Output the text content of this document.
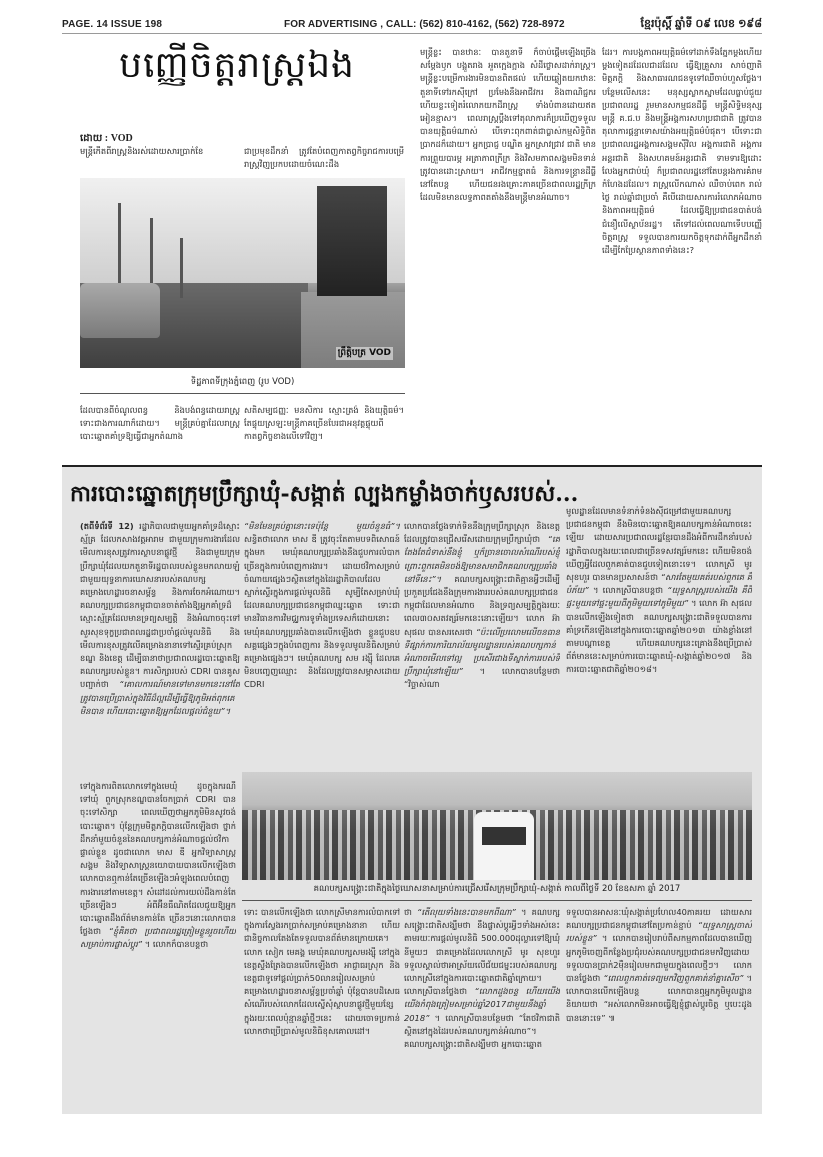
PAGE. 14 ISSUE 198	FOR ADVERTISING , CALL: (562) 810-4162, (562) 728-8972	ខ្មែរប៉ុស្តិ៍ ឆ្នាំទី ០៩ លេខ ១៩៨
បញ្ញើចិត្តរាស្ត្រឯង
ដោយ : VOD
មន្ត្រីកើតពីរាស្ត្រនិងរស់ដោយសារប្រាក់ខែ	ជាប្រមុខដឹកនាំ ត្រូវតែបំពេញកាតព្វកិច្ចរាជការបម្រើរាស្ត្រវិញប្រកបដោយចំណេះដឹង
ព្រឹត្តិបត្រ VOD
ទិដ្ឋភាពទីក្រុងភ្នំពេញ (រូប VOD)
ដែលបានពីចំណូលពន្ធ និងបង់ពន្ធដោយរាស្ត្រទោះជាងការណាក៏ដោយ។ មន្ត្រីគ្រប់គ្នាដែលរាស្ត្របោះឆ្នោតគាំទ្រឱ្យធ្វើជាអ្នកតំណាង
សតិសម្បជញ្ញៈ មនសិការ ស្មោះត្រង់ និងយុត្តិធម៌។ តែផ្ទុយស្រឡះមន្ត្រីភាគច្រើនបែរជាអនុវត្តផ្ទុយពីកាតព្វកិច្ចខាងលើទៅវិញ។
មន្ត្រីខ្លះ បានឋានៈ បានតួនាទី ក៏ចាប់ផ្តើមឡើងច្រើង សម្តែងឫក បង្អួតរាង អួតក្អេងក្អាង សំដីថ្លោសដាក់រាស្ត្រ។ មន្ត្រីខ្លះបម្រើការងារមិនបានពិតផល់ ហើយឆ្លៀតយកឋានៈ តួនាទីទៅរកស៊ីក្រៅ ប្រមែងនឹងអាជីវករ និងពាណិជ្ជករ ហើយខ្លះទៀតរំលោភយកដីរាស្ត្រ ទាំងបំពានដោយឥតអៀនខ្មាស។ ពេលរាស្ត្រប្តឹងទៅតុលាការក៏ប្រឃើញទទួលបានយុត្តិធម៌ណាស់ បើទោះពុកពាត់ជាប្លាស់កម្មសិទ្ធិពិតប្រាកដក៏ដោយ។ អ្នកប្រាជ្ញ បណ្ឌិត អ្នកស្រាវជ្រាវ ជាតិ មានការព្រួយបារម្ភ អត្រាភាពក្រីក្រ និងវិសមភាពសង្គមមិនទាន់ត្រូវបានដោះស្រាយ។ អាជីវកម្មខ្នាតធំ និងការទន្ទ្រានដីធ្លីនៅតែបន្ត ហើយជនរងគ្រោះភាគច្រើនជាពលរដ្ឋក្រីក្រ ដែលមិនមានលទ្ធភាពតតាំងនឹងមន្ត្រីមានអំណាច។
ដែរ។ ការបង្កភាពអយុត្តិធម៌ទៅដាក់ទឹងភ្នែកម្តងហើយម្តងទៀតដដែលជាដដែល ធ្វើឱ្យគ្រួសារ សាច់ញាតិ មិត្តភក្តិ និងសាធារណជនទូទៅឈឺចាប់ហួសថ្លែង។ បន្ថែមលើសនេះ មនុស្សស្លាកស្នាមដែលធ្លាប់ជួយប្រជាពលរដ្ឋ រួមមានសកម្មជនដីធ្លី មន្ត្រីសិទ្ធិមនុស្ស មន្ត្រី គ.ជ.ប និងមន្ត្រីអង្គការសហប្រជាជាតិ ត្រូវបានតុលាការផ្តន្ទាទោសយ៉ាងអយុត្តិធម៌បំផុត។ បើទោះជាប្រជាពលរដ្ឋអង្គការសង្គមស៊ីវិល អង្គការជាតិ អង្គការអន្តរជាតិ និងសហគមន៍អន្តរជាតិ ទាមទារឱ្យដោះលែងអ្នកជាប់ឃុំ ក៏ប្រជាពលរដ្ឋនៅតែបន្តរងការគំរាមកំហែងដដែល។ រាស្ត្រលើកណាស់ ឈឺចាប់ពេក រាល់ថ្ងៃ រាល់ឆ្នាំជាប្រចាំ គឺបើដោយសារការរំលោភអំណាច និងភាពអយុត្តិធម៌ ដែលធ្វើឱ្យប្រជាជនបាត់បង់ជំនឿលើស្ថាប័នរដ្ឋ។ តើទៅដល់ពេលណាទើបបញ្ញើចិត្តរាស្ត្រ ទទួលបានការយកចិត្តទុកដាក់ពីអ្នកដឹកនាំ ដើម្បីកែប្រែស្ថានភាពទាំងនេះ?
ការបោះឆ្នោតក្រុមប្រឹក្សាឃុំ-សង្កាត់ ល្បងកម្លាំងចាក់ឫសរបស់...
(តពីទំព័រទី 12) រដ្ឋាភិបាលជាមួយអ្នកគាំទ្រដ៏ស្មោះស្ម័គ្រ ដែលកសាងវត្តអារាម ជាមួយក្រុមការងារដែល មើលការខុសត្រូវការស្ថាបនាផ្លូវថ្មី និងជាមួយក្រុមប្រឹក្សាឃុំដែលយកតួនាទីរដ្ឋបាលរបស់ខ្លួនមកលាយឡំជាមួយយុទ្ធនាការឃោសនារបស់គណបក្ស គម្រោងហេដ្ឋារចនាសម្ព័ន្ធ និងការចែកអំណោយ។ គណបក្សប្រជាជនកម្ពុជាបានចាត់តាំងឱ្យអ្នកគាំទ្រដ៏ស្មោះស្ម័គ្រដែលមានទ្រព្យសម្បត្តិ និងអំណាចចុះទៅសួរសុខទុក្ខប្រជាពលរដ្ឋជាប្រចាំផ្តល់មូលនិធិ និងមើលការខុសត្រូវលើគម្រោងនានាទៅស្ទើរគ្រប់ស្រុក ខណ្ឌ និងខេត្ត ដើម្បីធានាថាប្រជាពលរដ្ឋបោះឆ្នោតឱ្យគណបក្សរបស់ខ្លួន។ ការសិក្សារបស់ CDRI បានគូសបញ្ជាក់ថា “គោលការណ៍មានទៅមានមកនេះនៅតែត្រូវបានប្រើប្រាស់ក្នុងវិធីដ៏ល្អដើម្បីធ្វើឱ្យភូមិអត់ពុកគេមិនបាន ហើយបោះឆ្នោតឱ្យអ្នកដែលផ្តល់ជំនួយ”។
ទៅក្នុងការពិតលោកទៅក្នុងមេឃុំ ដូចក្នុងករណីទៅឃុំ ពួកស្រុកខណ្ឌបានចែកប្រាក់ CDRI បានចុះទៅសិក្សា ពេលឃើញថាអ្នកភូមិមិនសូវចង់បោះឆ្នោត។ ប៉ុន្តែក្រុមមិត្តភក្តិបានលើកឡើងថា ថ្នាក់ដឹកនាំមួយចំនួននៃគណបក្សកាន់អំណាចផ្តល់ថវិកាផ្ទាល់ខ្លួន ដូចជាលោក មាស ឌី អ្នកវិទ្យាសាស្ត្រសង្គម និងវិទ្យាសាស្ត្រនយោបាយបានលើកឡើងថា លោកបានឮកាន់តែច្រើនឡើងៗអំឡុងពេលបំពេញការងារនៅតាមខេត្ត។ សំដៅដល់ការយល់ដឹងកាន់តែច្រើនឡើងៗ អំពីអ៊ីនធឺណិតដែលជួយឱ្យអ្នកបោះឆ្នោតដឹងព័ត៌មានកាន់តែ ច្រើនៗនោះលោកបានថ្លែងថា “ខ្ញុំគិតថា ប្រជាពលរដ្ឋត្រៀមខ្លួនរួចហើយសម្រាប់ការផ្លាស់ប្តូរ” ។ លោកក៏បានបន្តថា
“មិនមែនគ្រប់គ្នានោះទេប៉ុន្តែ មួយចំនួនធំ”។ សន្ធិតថាលោក មាស ឌី ត្រូវចុះតែតាមបទពិសោធន៍ក្នុងមក មេឃុំគណបក្សប្រឆាំងនឹងជួបការលំបាកច្រើនក្នុងការបំពេញការងារ។ ដោយថវិកាសម្រាប់ចំណាយផ្សេងៗស្ថិតនៅក្នុងដៃរដ្ឋាភិបាលដែលស្ទាក់ស្ទើរក្នុងការផ្តល់មូលនិធិ សូម្បីតែសម្រាប់ឃុំដែលគណបក្សប្រជាជនកម្ពុជាឈ្នះឆ្នោត ទោះជាមានវិធានការវិមជ្ឈការទូទាំងប្រទេសក៏ដោយនោះ មេឃុំគណបក្សប្រឆាំងបានលើកឡើងថា ខ្លួនជួបឧបសគ្គផ្សេងៗក្នុងបំពេញការ និងទទួលមូលនិធិសម្រាប់គម្រោងផ្សេងៗ។ មេឃុំគណបក្ស សម រង្ស៊ី ដែលគេមិនបញ្ចេញឈ្មោះ និងដែលត្រូវបានសម្ភាសដោយ CDRI
លោកបានថ្លែងទាក់ទិននឹងក្រុមប្រឹក្សាស្រុក និងខេត្តដែលត្រូវបានជ្រើសរើសដោយក្រុមប្រឹក្សាឃុំថា “គេតែងតែជំទាស់នឹងខ្ញុំ ឬក៏ច្រានចោលសំណើរបស់ខ្ញុំ ព្រោះពួកគេមិនចង់ឱ្យមានសមាជិកគណបក្សប្រឆាំងនៅទីនេះ”។ គណបក្សសង្គ្រោះជាតិគ្មានអ្វីៗដើម្បីប្រកួតប្រជែងនឹងក្រុមការងាររបស់គណបក្សប្រជាជនកម្ពុជាដែលមានអំណាច និងទ្រព្យសម្បត្តិក្នុងរយៈពេល៣០សតវត្សរ៍មកនេះនោះឡើយ។ លោក អ៊ា សុផល បានសរសេរថា “ប៉ះលើប្រលោមលើចនធាន ទីផ្សាក់ការការិយាល័យមូលដ្ឋានរបស់គណបក្សកាន់អំណាចមើលទៅល្អ ប្រសើរជាងទីស្នាក់ការរបស់ទីប្រឹក្សាឃុំនៅឡើយ” ។ លោកបានបន្ថែមថា “វិច្ឆាស់ណា
មូលដ្ឋានដែលមានទំនាក់ទំនងស៊ីជម្រៅជាមួយគណបក្សប្រជាជនកម្ពុជា នឹងមិនបោះឆ្នោតឱ្យគណបក្សកាន់អំណាចនេះឡើយ ដោយសារប្រជាពលរដ្ឋខ្មែរបានដឹងអំពីការដឹកនាំរបស់រដ្ឋាភិបាលក្នុងរយៈពេលជាច្រើនទសវត្សរ៍មកនេះ ហើយមិនចង់ឃើញអ្វីដែលពួកគាត់បានជួបទៀតនោះទេ។ លោកស្រី មូរ សុខហួរ បានមានប្រសាសន៍ថា “សារតែមួយគត់របស់ពួកគេ គឺបំភ័យ” ។ លោកស្រីបានបន្តថា “យុទ្ធសាស្ត្ររបស់យើង គឺពីផ្ទះមួយទៅផ្ទះមួយពីភូមិមួយទៅភូមិមួយ” ។ លោក អ៊ា សុផល បានលើកឡើងទៀតថា គណបក្សសង្គ្រោះជាតិទទួលបានការគាំទ្រកើនឡើងនៅក្នុងការបោះឆ្នោតឆ្នាំ២០១៣ យ៉ាងខ្លាំងនៅតាមបណ្តាខេត្ត ហើយគណបក្សនេះគ្រោងនឹងប្រើប្រាស់ព័ត៌មាននេះសម្រាប់ការបោះឆ្នោតឃុំ-សង្កាត់ឆ្នាំ២០១៧ និងការបោះឆ្នោតជាតិឆ្នាំ២០១៨។
គណបក្សសង្គ្រោះជាតិក្នុងថ្ងៃឃោសនាសម្រាប់ការជ្រើសរើសក្រុមប្រឹក្សាឃុំ-សង្កាត់ កាលពីថ្ងៃទី 20 ខែឧសភា ឆ្នាំ 2017
ទោះ បានលើកឡើងថា លោកស្រីមានការលំបាកទៅក្នុងការស្វែងរកប្រាក់សម្រាប់គម្រោងនានា ហើយជានិច្ចកាលតែងតែទទួលបានព័ត៌មានក្រោយគេ។ លោក សៀក មេគង្គ មេឃុំគណបក្សសមរង្ស៊ី នៅក្នុងខេត្តស្ទឹងត្រែងបានលើកឡើងថា អាជ្ញាធរស្រុក និងខេត្តជាទូទៅផ្តល់ប្រាក់50លានរៀលសម្រាប់គម្រោងហេដ្ឋារចនាសម្ព័ន្ធប្រចាំឆ្នាំ ប៉ុន្តែបានបដិសេធសំណើរបស់លោកដែលស្នើសុំស្ថាបនាផ្លូវថ្មីមួយខ្សែក្នុងរយៈពេលប៉ុន្មានឆ្នាំថ្មីៗនេះ ដោយចោទប្រកាន់លោកថាប្រើប្រាស់មូលនិធិខុសគោលដៅ។
ថា “តើលុយទាំងនេះបានមកពីណា” ។ គណបក្សសង្គ្រោះជាតិសង្ឃឹមថា នឹងផ្លាស់ប្តូរអ្វីៗទាំងអស់នេះតាមរយៈការផ្តល់មូលនិធិ 500.000ដុល្លារទៅឱ្យឃុំនីមួយៗ ជាគម្រោងដែលលោកស្រី មូរ សុខហួរ ទទួលស្គាល់ថាអាស្រ័យលើជ័យជម្នះរបស់គណបក្សលោកស្រីនៅក្នុងការបោះឆ្នោតជាតិឆ្នាំក្រោយ។ លោកស្រីបានថ្លែងថា “លោកដួងចន្ទ ហើយយើងយើងកំពុងត្រៀមសម្រាប់ឆ្នាំ2017ជាមួយនឹងឆ្នាំ 2018” ។ លោកស្រីបានបន្ថែមថា “តែថវិកាជាតិស្ថិតនៅក្នុងដៃរបស់គណបក្សកាន់អំណាច”។ គណបក្សសង្គ្រោះជាតិសង្ឃឹមថា អ្នកបោះឆ្នោត
ទទួលបានអាសនៈឃុំសង្កាត់ប្រហែល40ភាគរយ ដោយសារគណបក្សប្រជាជនកម្ពុជានៅតែប្រកាន់ខ្ជាប់ “យុទ្ធសាស្ត្រចាស់របស់ខ្លួន” ។ លោកបានរៀបរាប់ពីសកម្មភាពដែលបានឃើញអ្នកភូមិចេញពីកន្លែងប្រជុំរបស់គណបក្សប្រជាជនមកវិញដោយទទួលបានប្រាក់2ម៉ឺនរៀលមកជាមួយក្នុងពេលថ្មីៗ។ លោកបានថ្លែងថា “ពេលពួកគាត់ទេព្យមកវិញពួកគាត់នាំគ្នាសើច” ។ លោកបានលើកឡើងបន្ត លោកបានឮអ្នកភូមិមូលដ្ឋាននិយាយថា “អស់លោកមិនអាចធ្វើឱ្យខ្ញុំផ្លាស់ប្តូរចិត្ត ឬបេះដូងបាននោះទេ” ៕
